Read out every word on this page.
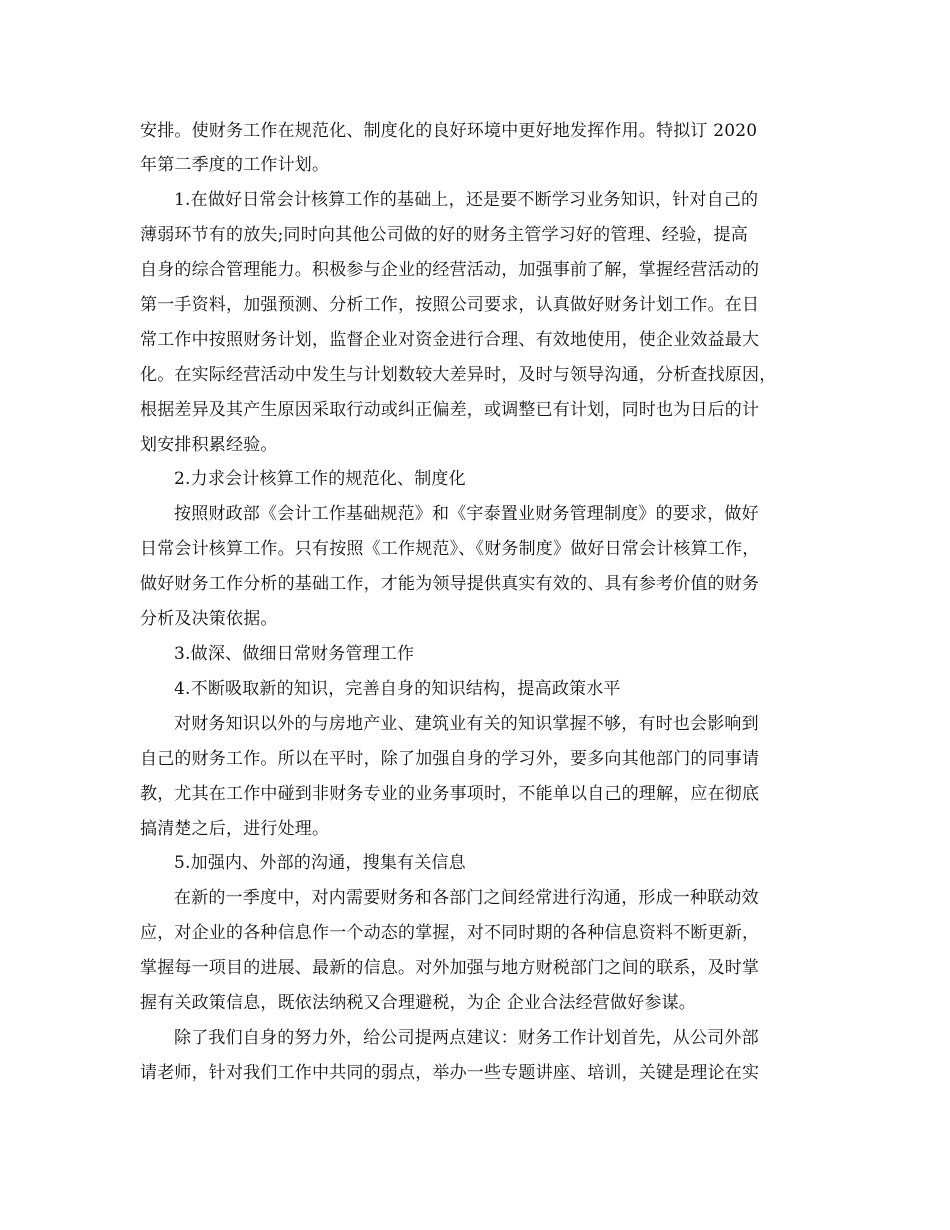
安排。使财务工作在规范化、制度化的良好环境中更好地发挥作用。特拟订 2020
年第二季度的工作计划。
1.在做好日常会计核算工作的基础上，还是要不断学习业务知识，针对自己的
薄弱环节有的放失;同时向其他公司做的好的财务主管学习好的管理、经验，提高
自身的综合管理能力。积极参与企业的经营活动，加强事前了解，掌握经营活动的
第一手资料，加强预测、分析工作，按照公司要求，认真做好财务计划工作。在日
常工作中按照财务计划，监督企业对资金进行合理、有效地使用，使企业效益最大
化。在实际经营活动中发生与计划数较大差异时，及时与领导沟通，分析查找原因，
根据差异及其产生原因采取行动或纠正偏差，或调整已有计划，同时也为日后的计
划安排积累经验。
2.力求会计核算工作的规范化、制度化
按照财政部《会计工作基础规范》和《宇泰置业财务管理制度》的要求，做好
日常会计核算工作。只有按照《工作规范》、《财务制度》做好日常会计核算工作，
做好财务工作分析的基础工作，才能为领导提供真实有效的、具有参考价值的财务
分析及决策依据。
3.做深、做细日常财务管理工作
4.不断吸取新的知识，完善自身的知识结构，提高政策水平
对财务知识以外的与房地产业、建筑业有关的知识掌握不够，有时也会影响到
自己的财务工作。所以在平时，除了加强自身的学习外，要多向其他部门的同事请
教，尤其在工作中碰到非财务专业的业务事项时，不能单以自己的理解，应在彻底
搞清楚之后，进行处理。
5.加强内、外部的沟通，搜集有关信息
在新的一季度中，对内需要财务和各部门之间经常进行沟通，形成一种联动效
应，对企业的各种信息作一个动态的掌握，对不同时期的各种信息资料不断更新，
掌握每一项目的进展、最新的信息。对外加强与地方财税部门之间的联系，及时掌
握有关政策信息，既依法纳税又合理避税，为企 企业合法经营做好参谋。
除了我们自身的努力外，给公司提两点建议：财务工作计划首先，从公司外部
请老师，针对我们工作中共同的弱点，举办一些专题讲座、培训，关键是理论在实
